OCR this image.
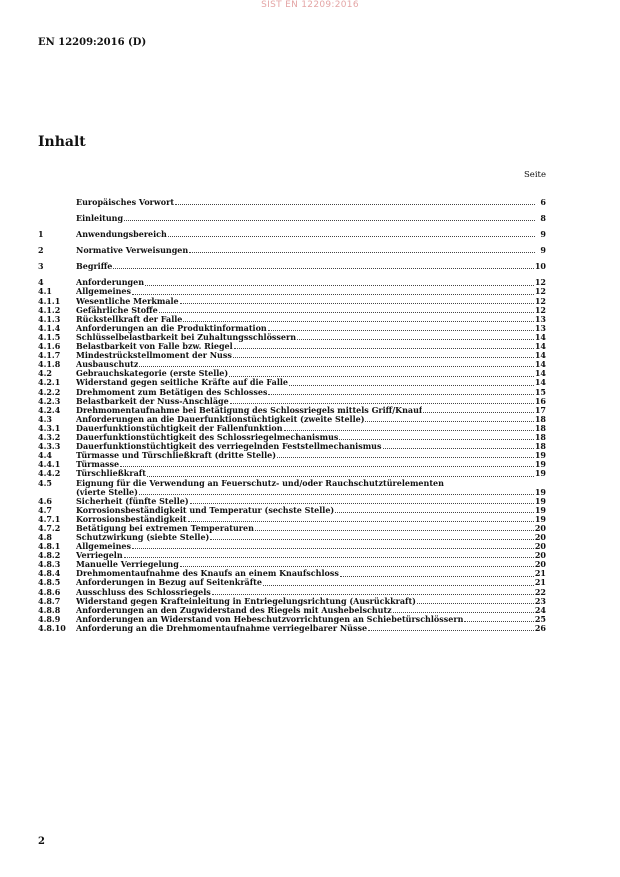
SIST EN 12209:2016
EN 12209:2016 (D)
Inhalt
Seite
Europäisches Vorwort	6
Einleitung	8
1	Anwendungsbereich	9
2	Normative Verweisungen	9
3	Begriffe	10
4	Anforderungen	12
4.1	Allgemeines	12
4.1.1	Wesentliche Merkmale	12
4.1.2	Gefährliche Stoffe	12
4.1.3	Rückstellkraft der Falle	13
4.1.4	Anforderungen an die Produktinformation	13
4.1.5	Schlüsselbelastbarkeit bei Zuhaltungsschlössern	14
4.1.6	Belastbarkeit von Falle bzw. Riegel	14
4.1.7	Mindestrückstellmoment der Nuss	14
4.1.8	Ausbauschutz	14
4.2	Gebrauchskategorie (erste Stelle)	14
4.2.1	Widerstand gegen seitliche Kräfte auf die Falle	14
4.2.2	Drehmoment zum Betätigen des Schlosses	15
4.2.3	Belastbarkeit der Nuss-Anschläge	16
4.2.4	Drehmomentaufnahme bei Betätigung des Schlossriegels mittels Griff/Knauf	17
4.3	Anforderungen an die Dauerfunktionstüchtigkeit (zweite Stelle)	18
4.3.1	Dauerfunktionstüchtigkeit der Fallenfunktion	18
4.3.2	Dauerfunktionstüchtigkeit des Schlossriegelmechanismus	18
4.3.3	Dauerfunktionstüchtigkeit des verriegelnden Feststellmechanismus	18
4.4	Türmasse und Türschließkraft (dritte Stelle)	19
4.4.1	Türmasse	19
4.4.2	Türschließkraft	19
4.5	Eignung für die Verwendung an Feuerschutz- und/oder Rauchschutztürelementen
(vierte Stelle)	19
4.6	Sicherheit (fünfte Stelle)	19
4.7	Korrosionsbeständigkeit und Temperatur (sechste Stelle)	19
4.7.1	Korrosionsbeständigkeit	19
4.7.2	Betätigung bei extremen Temperaturen	20
4.8	Schutzwirkung (siebte Stelle)	20
4.8.1	Allgemeines	20
4.8.2	Verriegeln	20
4.8.3	Manuelle Verriegelung	20
4.8.4	Drehmomentaufnahme des Knaufs an einem Knaufschloss	21
4.8.5	Anforderungen in Bezug auf Seitenkräfte	21
4.8.6	Ausschluss des Schlossriegels	22
4.8.7	Widerstand gegen Krafteinleitung in Entriegelungsrichtung (Ausrückkraft)	23
4.8.8	Anforderungen an den Zugwiderstand des Riegels mit Aushebelschutz	24
4.8.9	Anforderungen an Widerstand von Hebeschutzvorrichtungen an Schiebetürschlössern	25
4.8.10	Anforderung an die Drehmomentaufnahme verriegelbarer Nüsse	26
2
